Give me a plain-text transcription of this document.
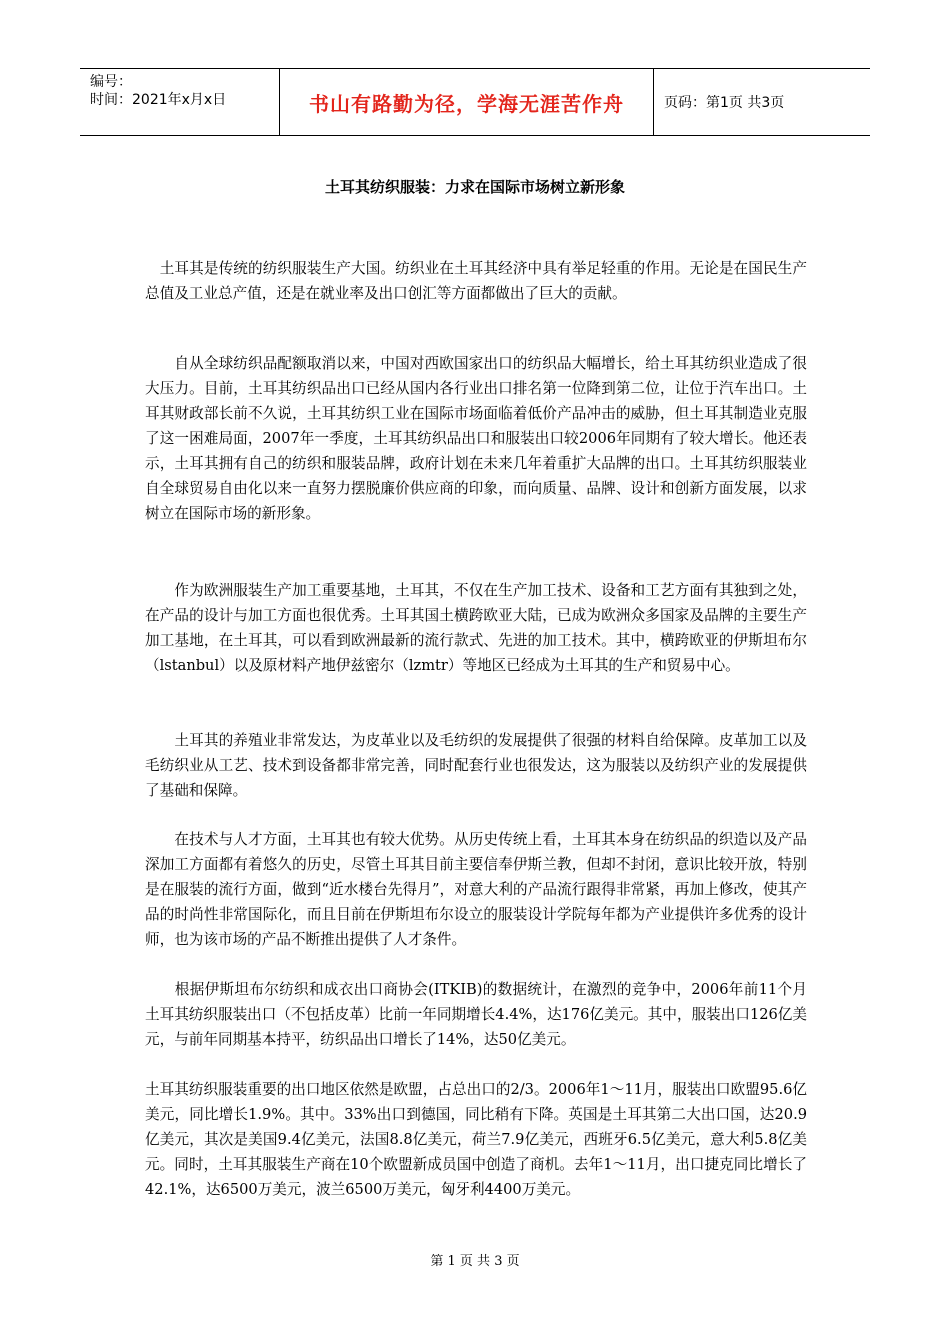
编号：
时间：2021年x月x日	书山有路勤为径，学海无涯苦作舟	页码：第1页 共3页
土耳其纺织服装：力求在国际市场树立新形象

　土耳其是传统的纺织服装生产大国。纺织业在土耳其经济中具有举足轻重的作用。无论是在国民生产总值及工业总产值，还是在就业率及出口创汇等方面都做出了巨大的贡献。

　　自从全球纺织品配额取消以来，中国对西欧国家出口的纺织品大幅增长，给土耳其纺织业造成了很大压力。目前，土耳其纺织品出口已经从国内各行业出口排名第一位降到第二位，让位于汽车出口。土耳其财政部长前不久说，土耳其纺织工业在国际市场面临着低价产品冲击的威胁，但土耳其制造业克服了这一困难局面，2007年一季度，土耳其纺织品出口和服装出口较2006年同期有了较大增长。他还表示，土耳其拥有自己的纺织和服装品牌，政府计划在未来几年着重扩大品牌的出口。土耳其纺织服装业自全球贸易自由化以来一直努力摆脱廉价供应商的印象，而向质量、品牌、设计和创新方面发展，以求树立在国际市场的新形象。

　　作为欧洲服装生产加工重要基地，土耳其，不仅在生产加工技术、设备和工艺方面有其独到之处，在产品的设计与加工方面也很优秀。土耳其国土横跨欧亚大陆，已成为欧洲众多国家及品牌的主要生产加工基地，在土耳其，可以看到欧洲最新的流行款式、先进的加工技术。其中，横跨欧亚的伊斯坦布尔（lstanbul）以及原材料产地伊兹密尔（lzmtr）等地区已经成为土耳其的生产和贸易中心。

　　土耳其的养殖业非常发达，为皮革业以及毛纺织的发展提供了很强的材料自给保障。皮革加工以及毛纺织业从工艺、技术到设备都非常完善，同时配套行业也很发达，这为服装以及纺织产业的发展提供了基础和保障。

　　在技术与人才方面，土耳其也有较大优势。从历史传统上看，土耳其本身在纺织品的织造以及产品深加工方面都有着悠久的历史，尽管土耳其目前主要信奉伊斯兰教，但却不封闭，意识比较开放，特别是在服装的流行方面，做到“近水楼台先得月”，对意大利的产品流行跟得非常紧，再加上修改，使其产品的时尚性非常国际化，而且目前在伊斯坦布尔设立的服装设计学院每年都为产业提供许多优秀的设计师，也为该市场的产品不断推出提供了人才条件。

　　根据伊斯坦布尔纺织和成衣出口商协会(ITKIB)的数据统计，在激烈的竞争中，2006年前11个月土耳其纺织服装出口（不包括皮革）比前一年同期增长4.4%，达176亿美元。其中，服装出口126亿美元，与前年同期基本持平，纺织品出口增长了14%，达50亿美元。

土耳其纺织服装重要的出口地区依然是欧盟，占总出口的2/3。2006年1～11月，服装出口欧盟95.6亿美元，同比增长1.9%。其中。33%出口到德国，同比稍有下降。英国是土耳其第二大出口国，达20.9亿美元，其次是美国9.4亿美元，法国8.8亿美元，荷兰7.9亿美元，西班牙6.5亿美元，意大利5.8亿美元。同时，土耳其服装生产商在10个欧盟新成员国中创造了商机。去年1～11月，出口捷克同比增长了42.1%，达6500万美元，波兰6500万美元，匈牙利4400万美元。

第 1 页 共 3 页
